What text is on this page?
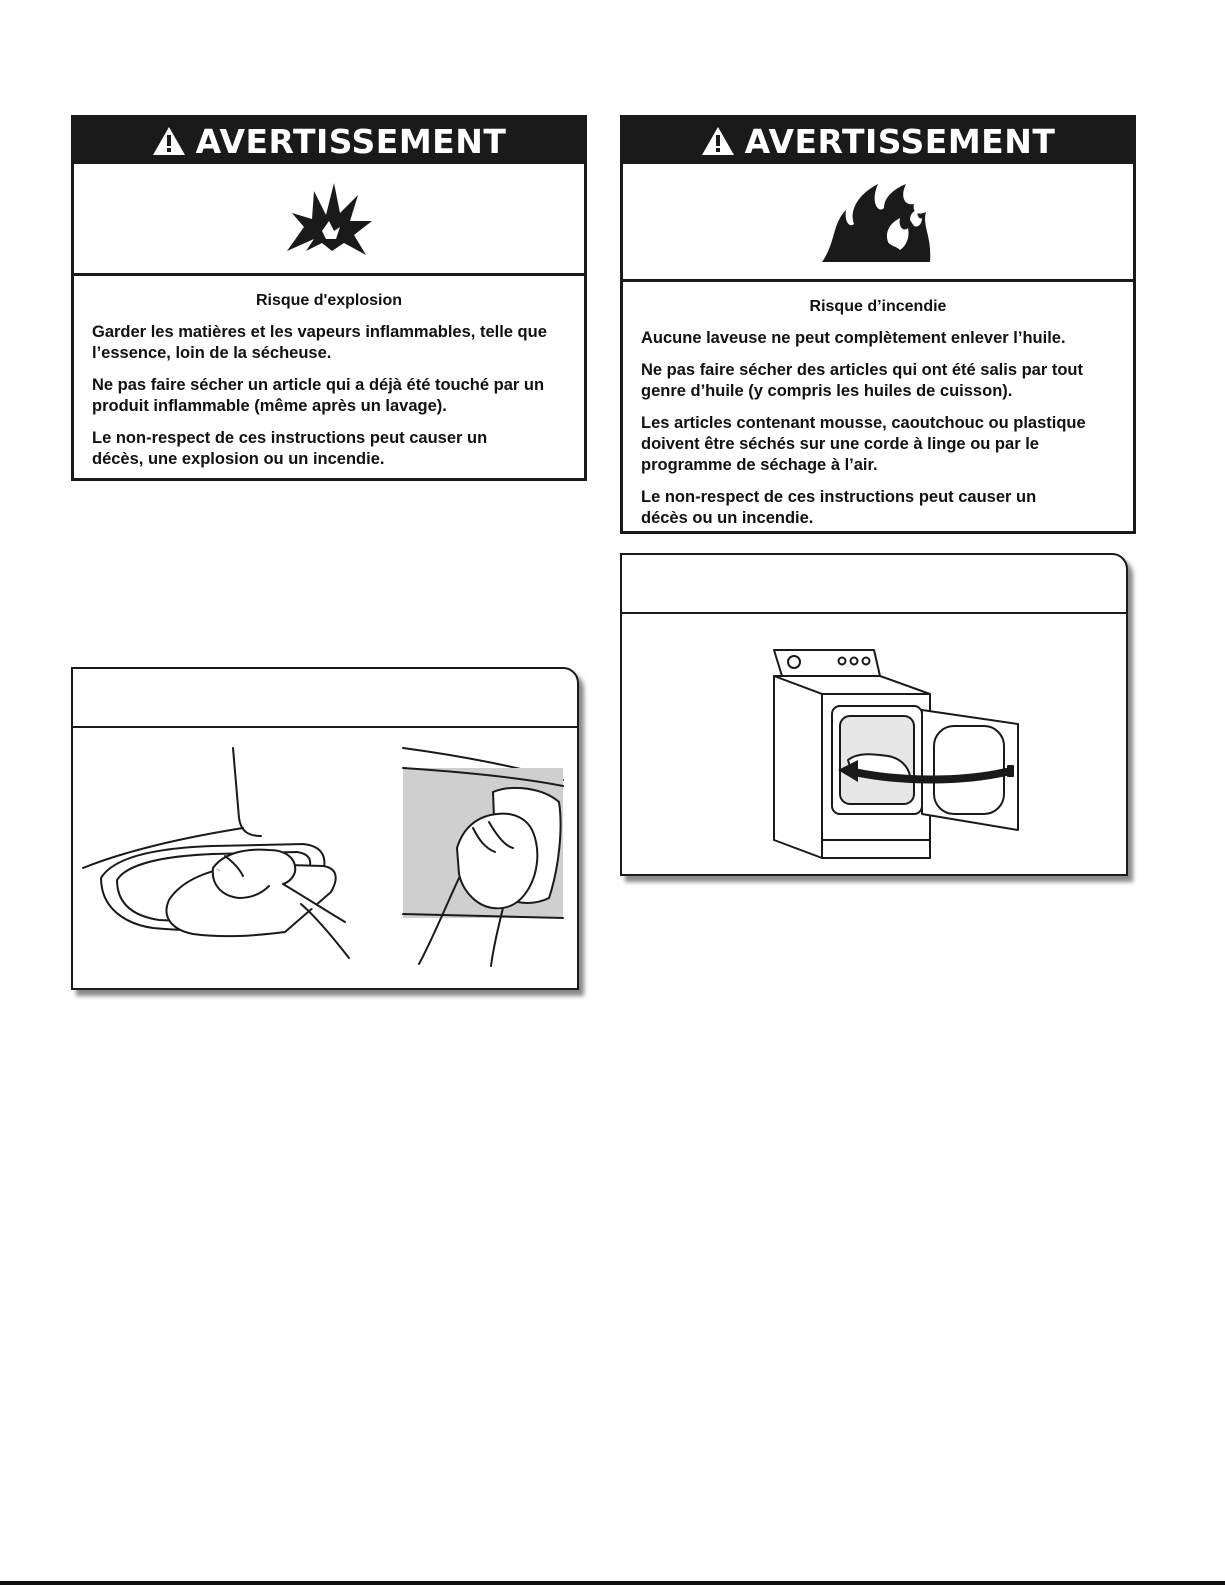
AVERTISSEMENT
Risque d'explosion

Garder les matières et les vapeurs inflammables, telle que l’essence, loin de la sécheuse.

Ne pas faire sécher un article qui a déjà été touché par un produit inflammable (même après un lavage).

Le non-respect de ces instructions peut causer un décès, une explosion ou un incendie.

AVERTISSEMENT
Risque d’incendie

Aucune laveuse ne peut complètement enlever l’huile.

Ne pas faire sécher des articles qui ont été salis par tout genre d’huile (y compris les huiles de cuisson).

Les articles contenant mousse, caoutchouc ou plastique doivent être séchés sur une corde à linge ou par le programme de séchage à l’air.

Le non-respect de ces instructions peut causer un décès ou un incendie.
